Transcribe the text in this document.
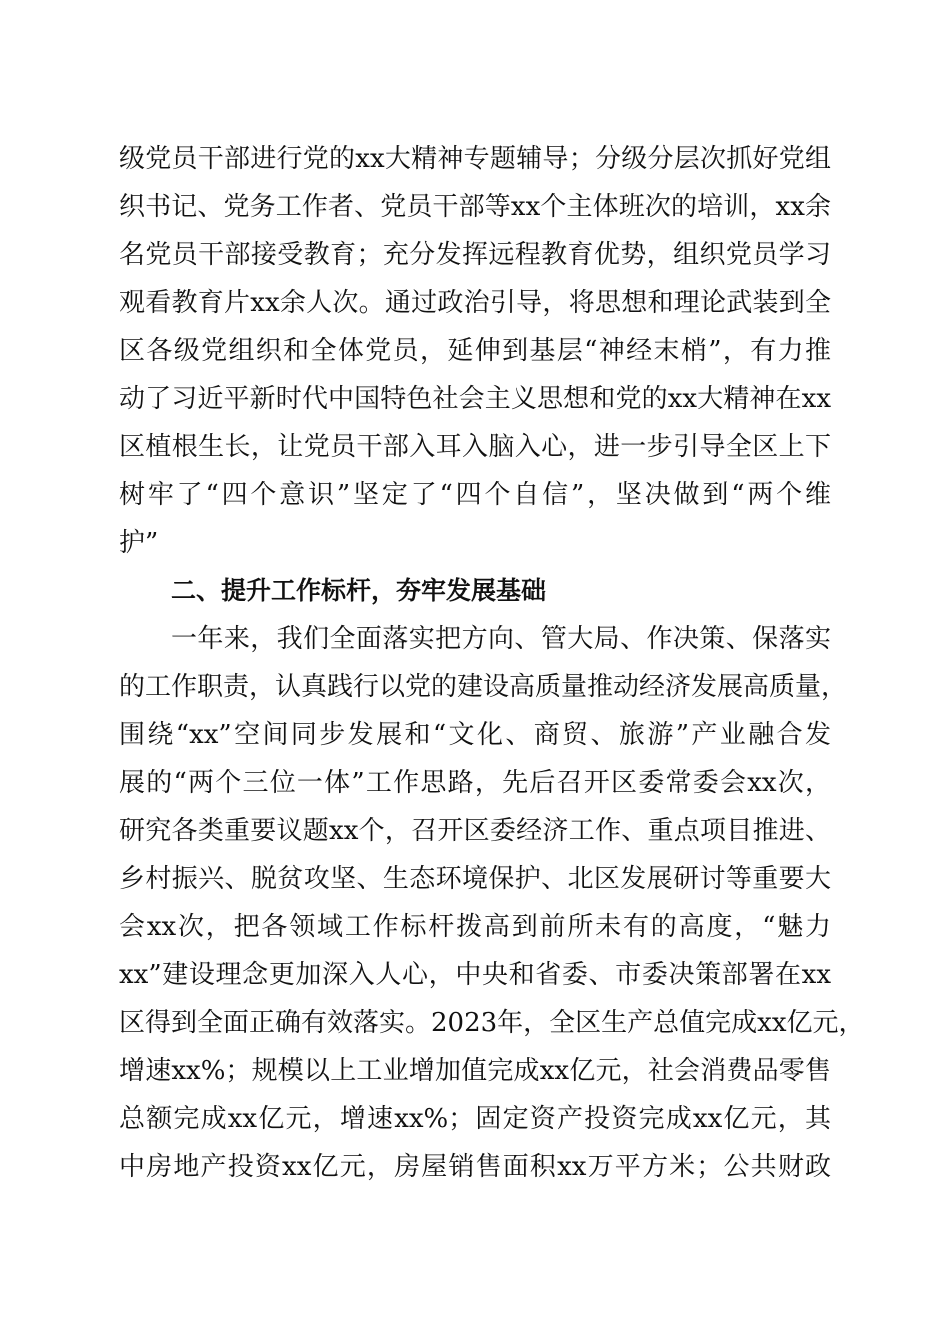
级党员干部进行党的xx大精神专题辅导；分级分层次抓好党组
织书记、党务工作者、党员干部等xx个主体班次的培训，xx余
名党员干部接受教育；充分发挥远程教育优势，组织党员学习
观看教育片xx余人次。通过政治引导，将思想和理论武装到全
区各级党组织和全体党员，延伸到基层“神经末梢”，有力推
动了习近平新时代中国特色社会主义思想和党的xx大精神在xx
区植根生长，让党员干部入耳入脑入心，进一步引导全区上下
树牢了“四个意识”坚定了“四个自信”，坚决做到“两个维
护”
二、提升工作标杆，夯牢发展基础
一年来，我们全面落实把方向、管大局、作决策、保落实
的工作职责，认真践行以党的建设高质量推动经济发展高质量，
围绕“xx”空间同步发展和“文化、商贸、旅游”产业融合发
展的“两个三位一体”工作思路，先后召开区委常委会xx次，
研究各类重要议题xx个，召开区委经济工作、重点项目推进、
乡村振兴、脱贫攻坚、生态环境保护、北区发展研讨等重要大
会xx次，把各领域工作标杆拨高到前所未有的高度，“魅力
xx”建设理念更加深入人心，中央和省委、市委决策部署在xx
区得到全面正确有效落实。2023年，全区生产总值完成xx亿元，
增速xx%；规模以上工业增加值完成xx亿元，社会消费品零售
总额完成xx亿元，增速xx%；固定资产投资完成xx亿元，其
中房地产投资xx亿元，房屋销售面积xx万平方米；公共财政
